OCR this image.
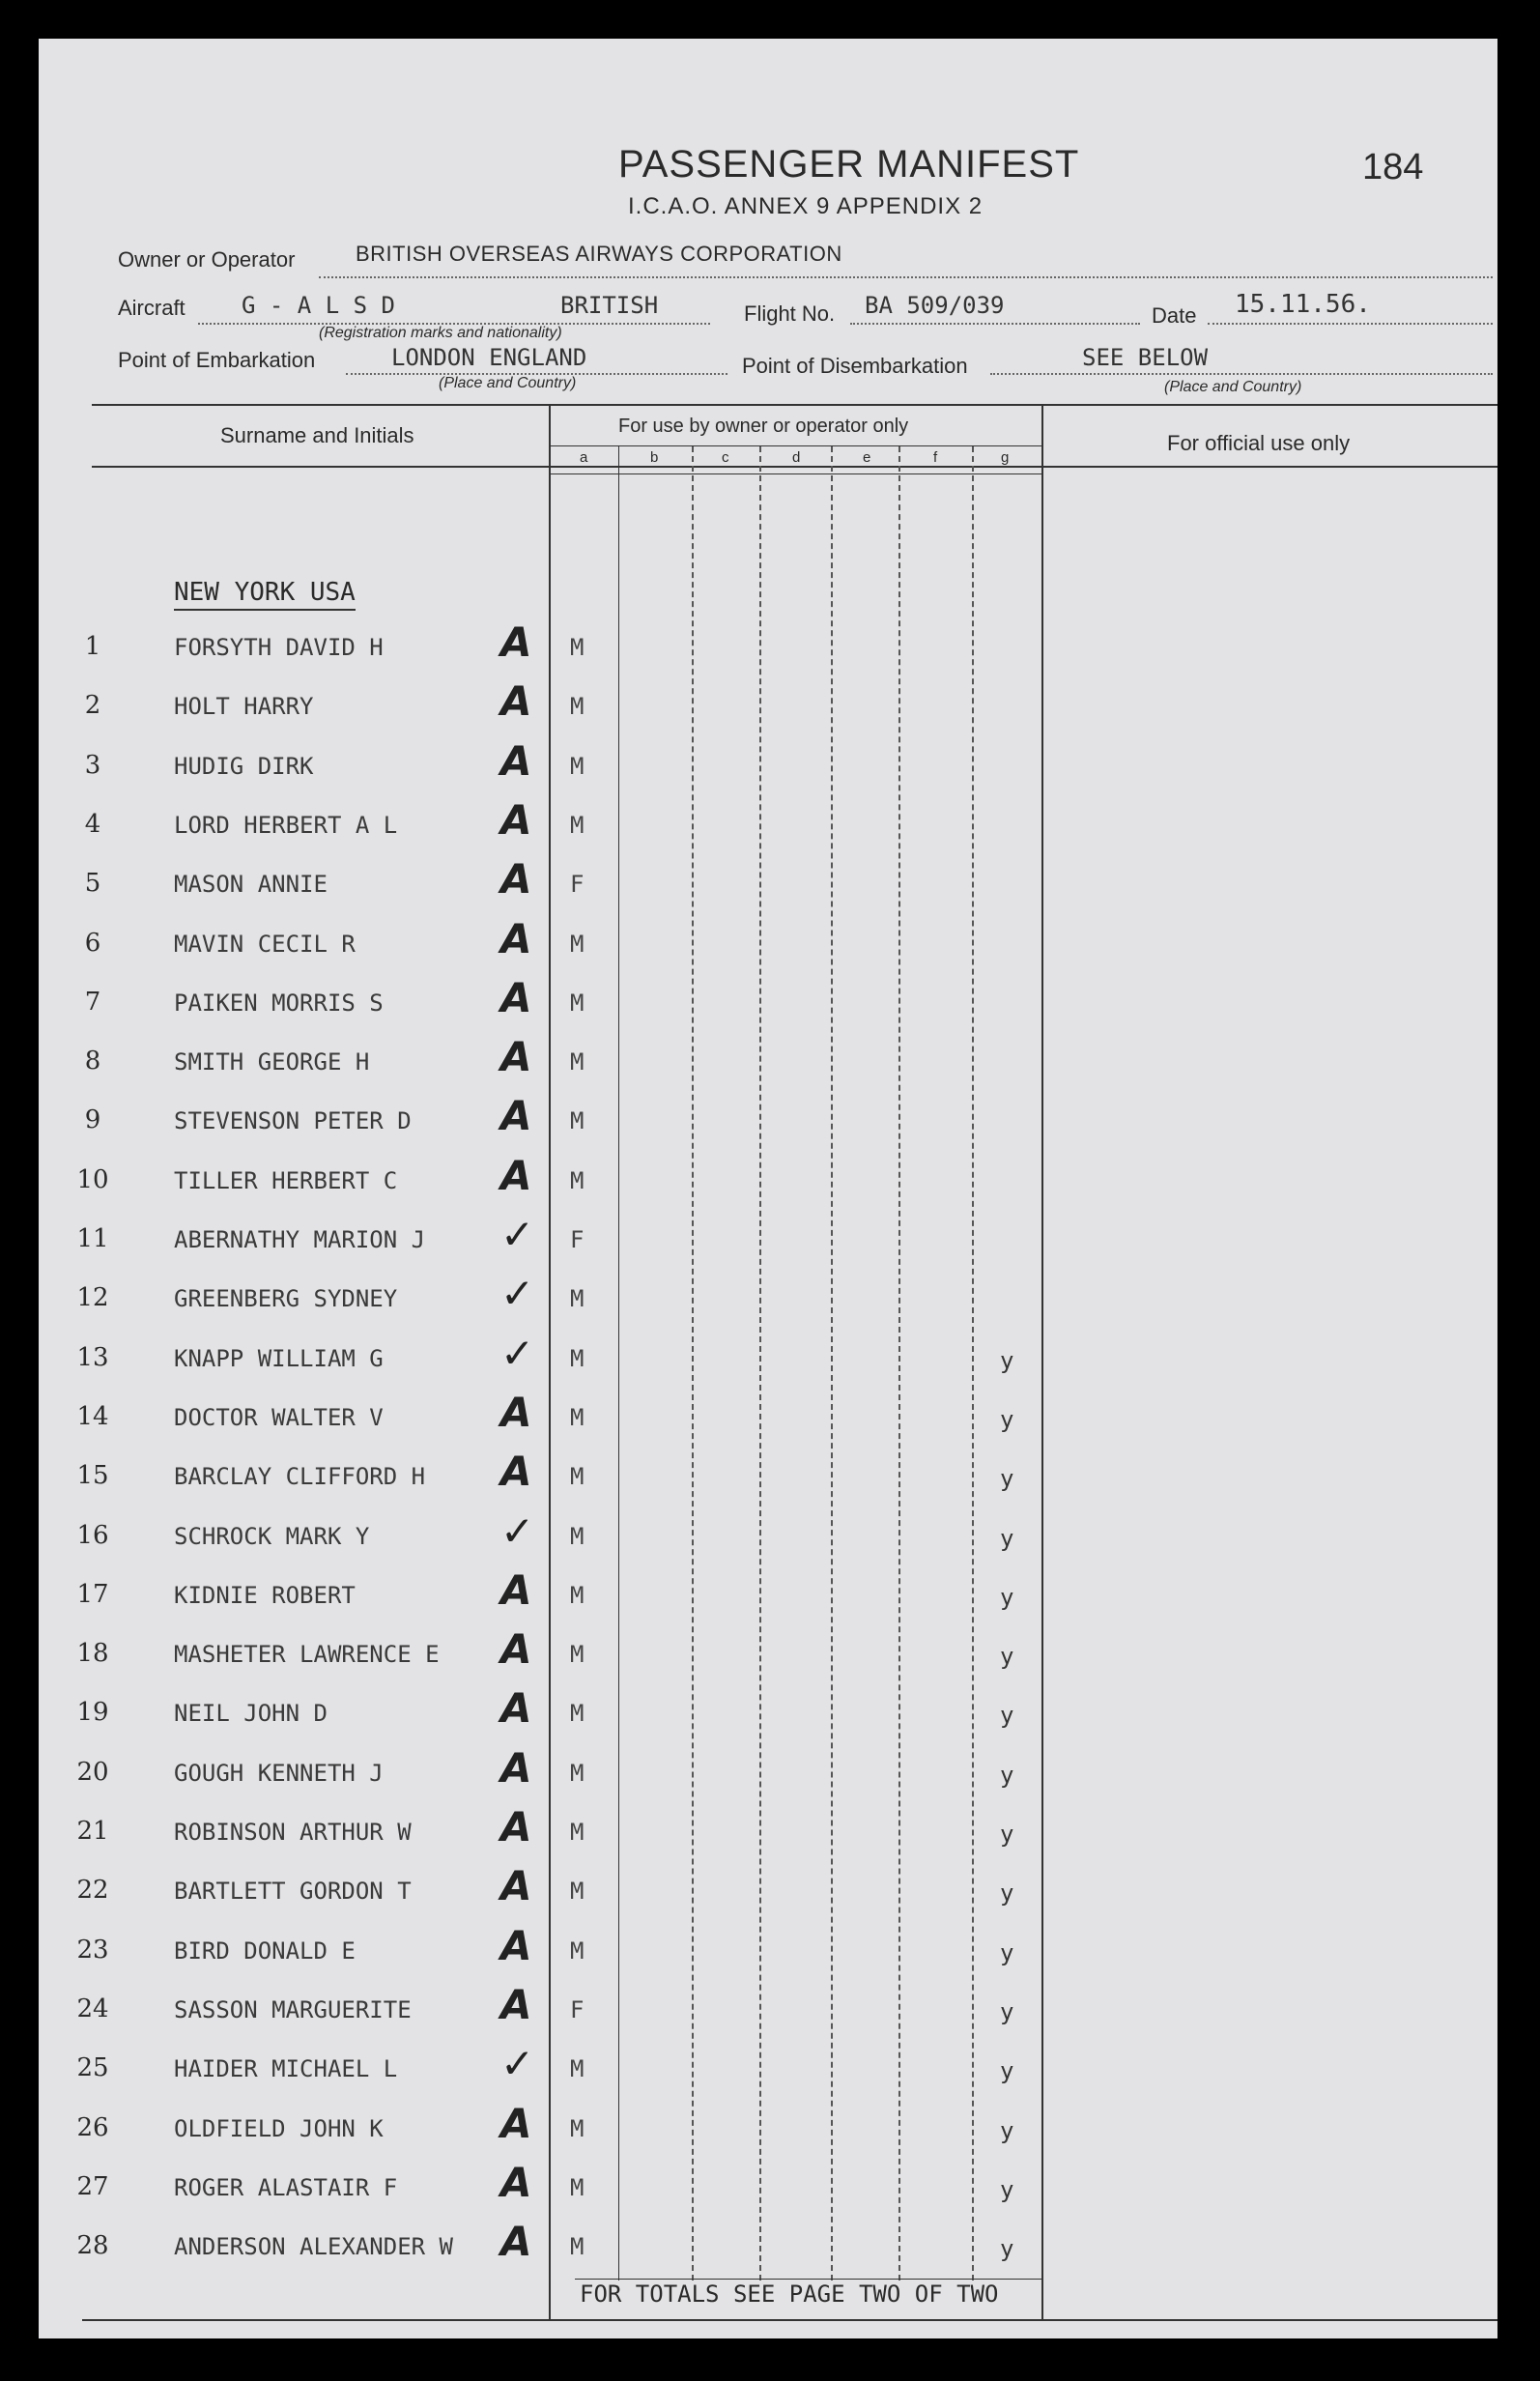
PASSENGER MANIFEST
I.C.A.O. ANNEX 9 APPENDIX 2
184
Owner or Operator	BRITISH OVERSEAS AIRWAYS CORPORATION
Aircraft G - A L S D	BRITISH
(Registration marks and nationality)
Flight No. BA 509/039	Date 15.11.56.
Point of Embarkation	LONDON ENGLAND
(Place and Country)
Point of Disembarkation	SEE BELOW
(Place and Country)
Surname and Initials	For use by owner or operator only
For official use only
a	b	c	d	e	f	g
NEW YORK USA
1	FORSYTH DAVID H	A M
2	HOLT HARRY	A M
3	HUDIG DIRK	A M
4	LORD HERBERT A L	A M
5	MASON ANNIE	A F
6	MAVIN CECIL R	A M
7	PAIKEN MORRIS S	A M
8	SMITH GEORGE H	A M
9	STEVENSON PETER D A M
10	TILLER HERBERT C	A M
11	ABERNATHY MARION J ✓ F
12	GREENBERG SYDNEY	✓ M
13	KNAPP WILLIAM G	✓ M	y
14	DOCTOR WALTER V	A M	y
15	BARCLAY CLIFFORD H A M	y
16	SCHROCK MARK Y	✓ M	y
17	KIDNIE ROBERT	A M	y
18	MASHETER LAWRENCE E A M	y
19	NEIL JOHN D	A M	y
20	GOUGH KENNETH J	A M	y
21	ROBINSON ARTHUR W A M	y
22	BARTLETT GORDON T A M	y
23	BIRD DONALD E	A M	y
24	SASSON MARGUERITE A F	y
25	HAIDER MICHAEL L	✓ M	y
26	OLDFIELD JOHN K	A M	y
27	ROGER ALASTAIR F	A M	y
28	ANDERSON ALEXANDER W A M	y
FOR TOTALS SEE PAGE TWO OF TWO
